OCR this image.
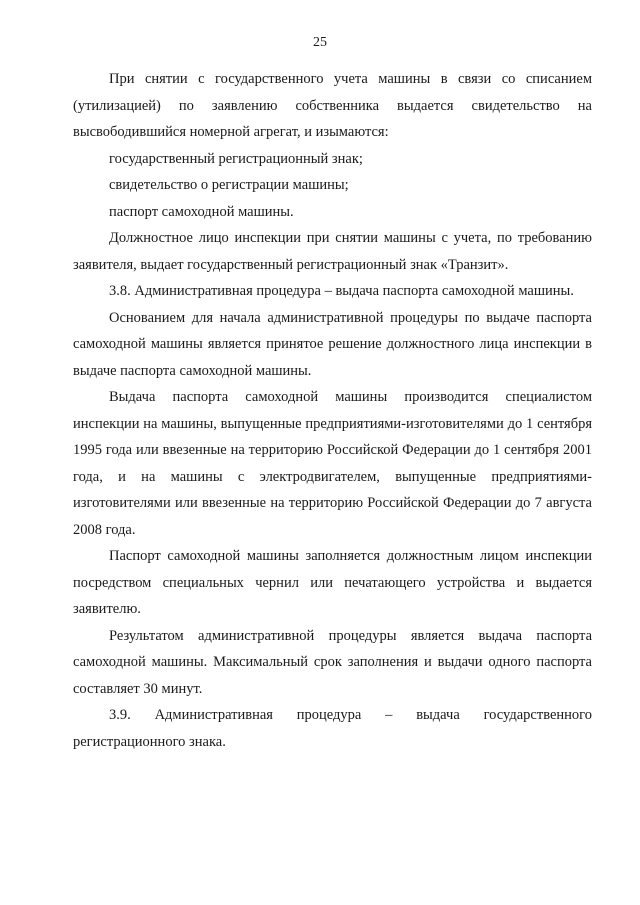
25

При снятии с государственного учета машины в связи со списанием (утилизацией) по заявлению собственника выдается свидетельство на высвободившийся номерной агрегат, и изымаются:

государственный регистрационный знак;

свидетельство о регистрации машины;

паспорт самоходной машины.

Должностное лицо инспекции при снятии машины с учета, по требованию заявителя, выдает государственный регистрационный знак «Транзит».

3.8. Административная процедура – выдача паспорта самоходной машины.

Основанием для начала административной процедуры по выдаче паспорта самоходной машины является принятое решение должностного лица инспекции в выдаче паспорта самоходной машины.

Выдача паспорта самоходной машины производится специалистом инспекции на машины, выпущенные предприятиями-изготовителями до 1 сентября 1995 года или ввезенные на территорию Российской Федерации до 1 сентября 2001 года, и на машины с электродвигателем, выпущенные предприятиями-изготовителями или ввезенные на территорию Российской Федерации до 7 августа 2008 года.

Паспорт самоходной машины заполняется должностным лицом инспекции посредством специальных чернил или печатающего устройства и выдается заявителю.

Результатом административной процедуры является выдача паспорта самоходной машины. Максимальный срок заполнения и выдачи одного паспорта составляет 30 минут.

3.9. Административная процедура – выдача государственного регистрационного знака.
